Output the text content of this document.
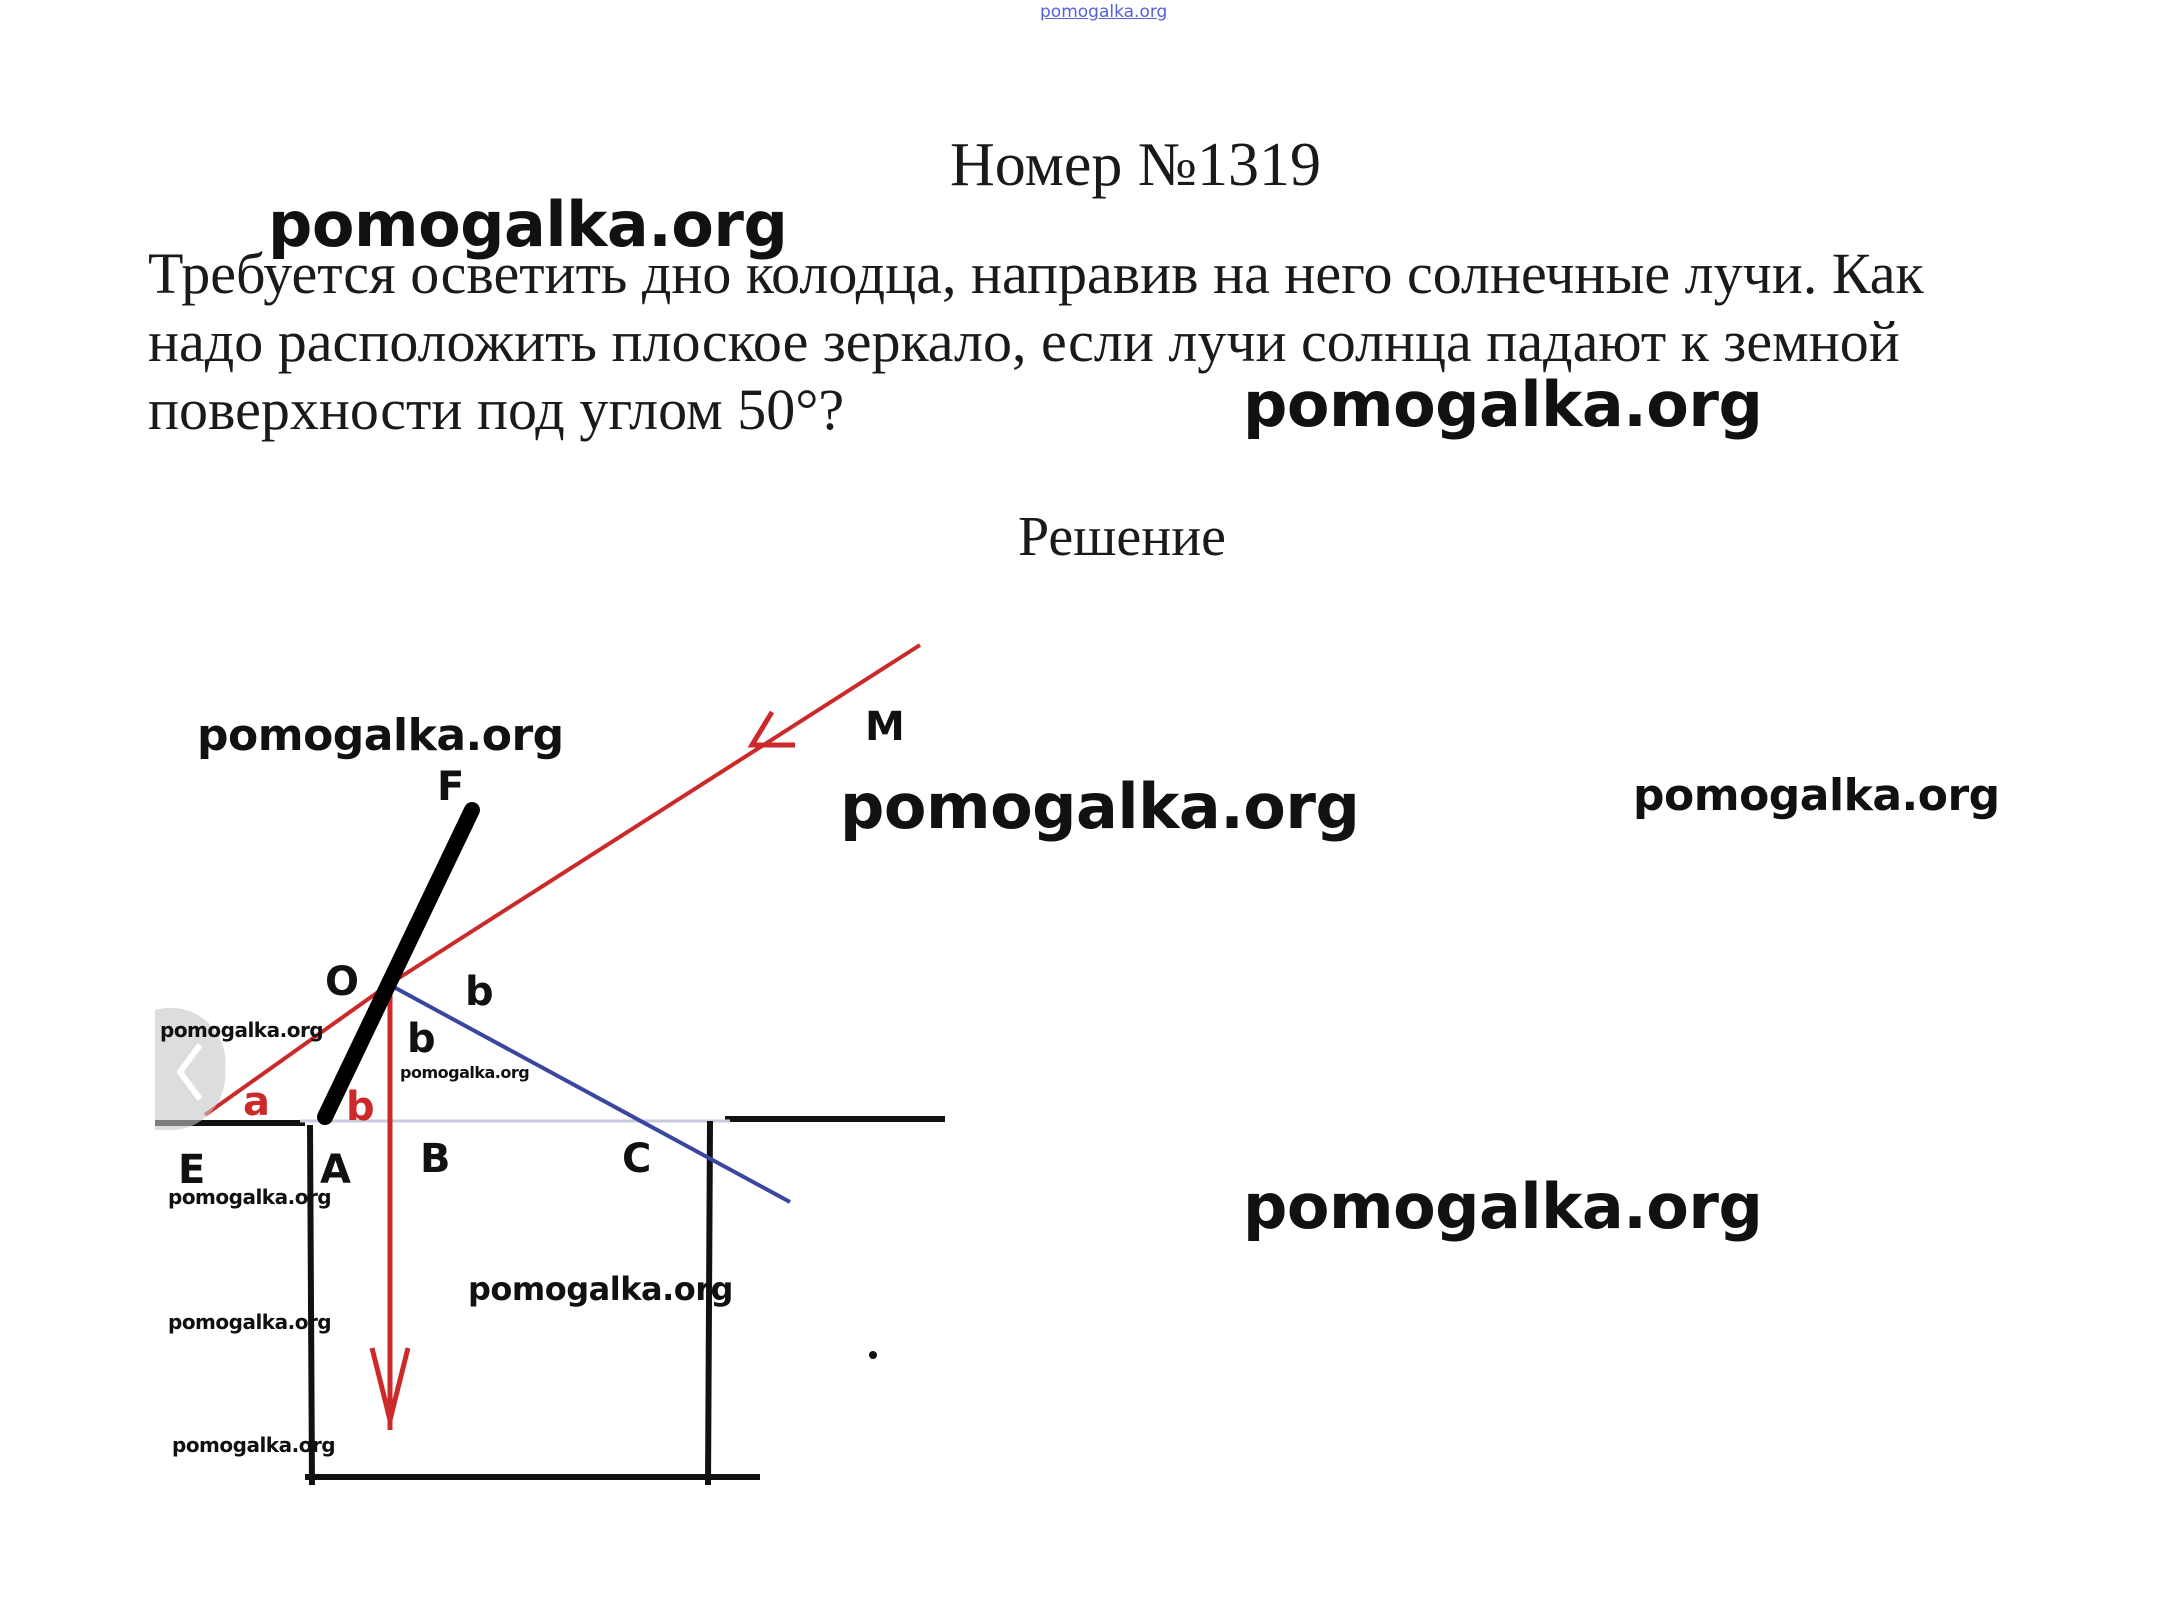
pomogalka.org
Номер №1319

Требуется осветить дно колодца, направив на него солнечные лучи. Как надо расположить плоское зеркало, если лучи солнца падают к земной поверхности под углом 50°?

Решение
M
F
O	b
b
b
a
E	A B	C
pomogalka.org
pomogalka.org
pomogalka.org
pomogalka.org	pomogalka.org
pomogalka.org
pomogalka.org
pomogalka.org	pomogalka.org
pomogalka.org
pomogalka.org
pomogalka.org
